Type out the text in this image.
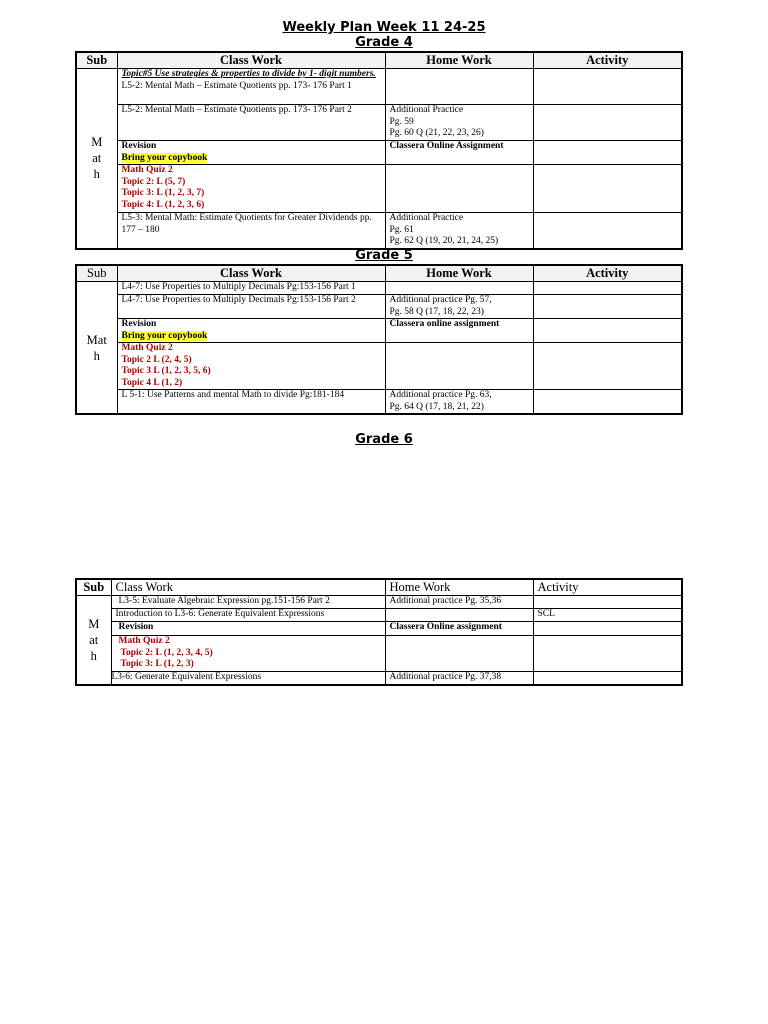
Weekly Plan Week 11 24-25
Grade 4
Sub	Class Work	Home Work	Activity

M
at
h	Topic#5 Use strategies & properties to divide by 1- digit numbers.
L5-2: Mental Math – Estimate Quotients pp. 173- 176 Part 1		

	L5-2: Mental Math – Estimate Quotients pp. 173- 176 Part 2	Additional Practice
Pg. 59
Pg. 60 Q (21, 22, 23, 26)	

	Revision
Bring your copybook	Classera Online Assignment	

	Math Quiz 2
Topic 2: L (5, 7)
Topic 3: L (1, 2, 3, 7)
Topic 4: L (1, 2, 3, 6)		

	L5-3: Mental Math: Estimate Quotients for Greater Dividends pp. 177 – 180	Additional Practice
Pg. 61
Pg. 62 Q (19, 20, 21, 24, 25)	

Grade 5
Sub	Class Work	Home Work	Activity

Mat
h	L4-7: Use Properties to Multiply Decimals Pg:153-156 Part 1		

	L4-7: Use Properties to Multiply Decimals Pg:153-156 Part 2	Additional practice Pg. 57,
Pg. 58 Q (17, 18, 22, 23)	

	Revision
Bring your copybook	Classera online assignment	

	Math Quiz 2
Topic 2 L (2, 4, 5)
Topic 3 L (1, 2, 3, 5, 6)
Topic 4 L (1, 2)		

	L 5-1: Use Patterns and mental Math to divide Pg:181-184	Additional practice Pg. 63,
Pg. 64 Q (17, 18, 21, 22)	

Grade 6
Sub	Class Work	Home Work	Activity

M
at
h	L3-5: Evaluate Algebraic Expression pg.151-156 Part 2	Additional practice Pg. 35,36	

	Introduction to L3-6: Generate Equivalent Expressions		SCL

	Revision	Classera Online assignment	

	Math Quiz 2
Topic 2: L (1, 2, 3, 4, 5)
Topic 3: L (1, 2, 3)		

	L3-6: Generate Equivalent Expressions	Additional practice Pg. 37,38	
